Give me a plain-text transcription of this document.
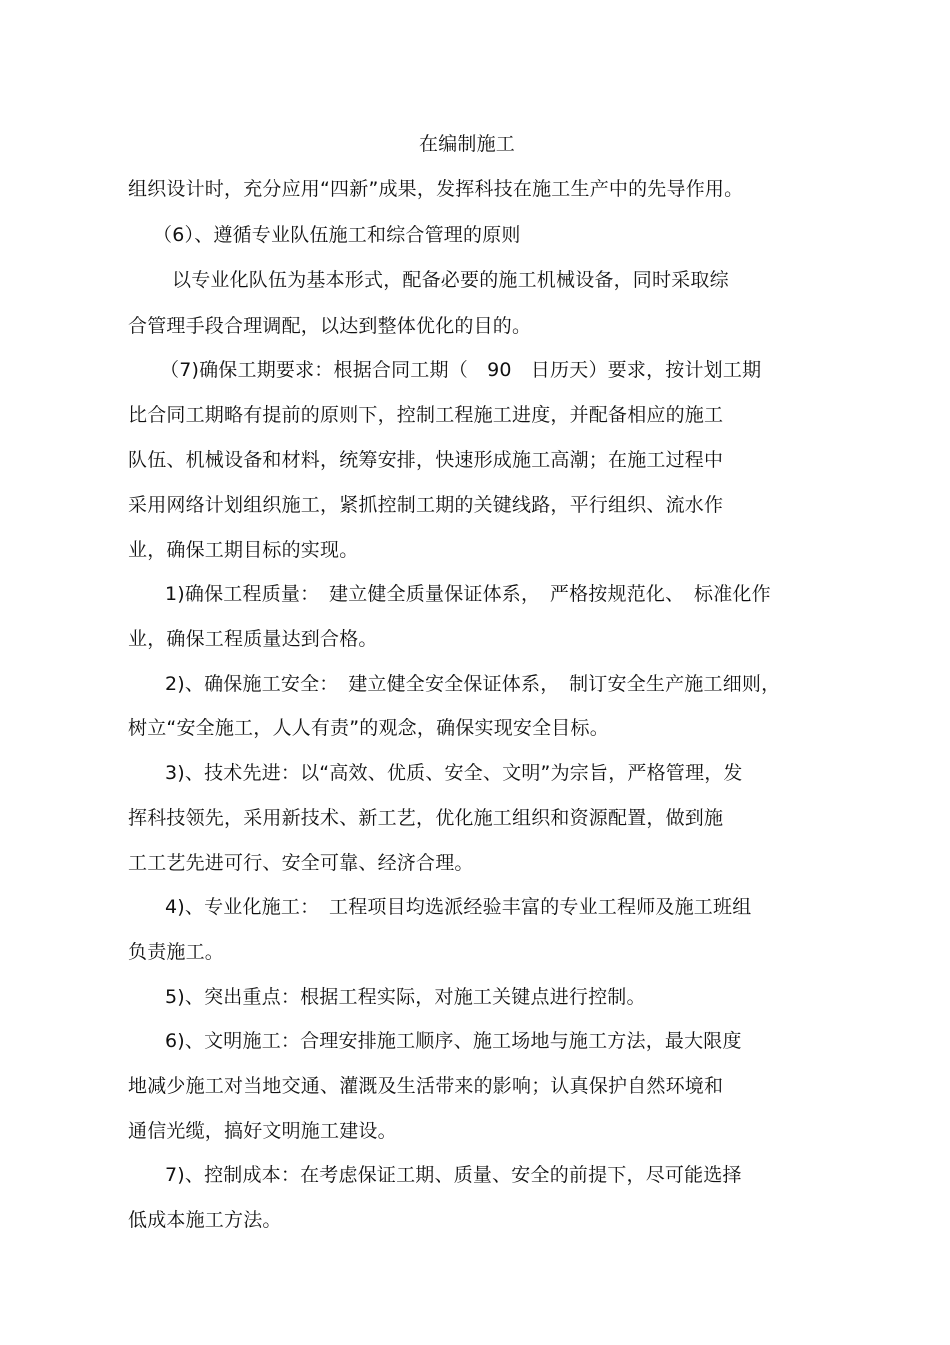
在编制施工
组织设计时，充分应用“四新”成果，发挥科技在施工生产中的先导作用。
（6）、遵循专业队伍施工和综合管理的原则
以专业化队伍为基本形式，配备必要的施工机械设备，同时采取综
合管理手段合理调配，以达到整体优化的目的。
（7)确保工期要求：根据合同工期（　90　日历天）要求，按计划工期
比合同工期略有提前的原则下，控制工程施工进度，并配备相应的施工
队伍、机械设备和材料，统筹安排，快速形成施工高潮；在施工过程中
采用网络计划组织施工，紧抓控制工期的关键线路，平行组织、流水作
业，确保工期目标的实现。
1)确保工程质量：　建立健全质量保证体系，　严格按规范化、　标准化作
业，确保工程质量达到合格。
2)、确保施工安全：　建立健全安全保证体系，　制订安全生产施工细则，
树立“安全施工，人人有责”的观念，确保实现安全目标。
3)、技术先进：以“高效、优质、安全、文明”为宗旨，严格管理，发
挥科技领先，采用新技术、新工艺，优化施工组织和资源配置，做到施
工工艺先进可行、安全可靠、经济合理。
4)、专业化施工：　工程项目均选派经验丰富的专业工程师及施工班组
负责施工。
5)、突出重点：根据工程实际，对施工关键点进行控制。
6)、文明施工：合理安排施工顺序、施工场地与施工方法，最大限度
地减少施工对当地交通、灌溉及生活带来的影响；认真保护自然环境和
通信光缆，搞好文明施工建设。
7)、控制成本：在考虑保证工期、质量、安全的前提下，尽可能选择
低成本施工方法。
